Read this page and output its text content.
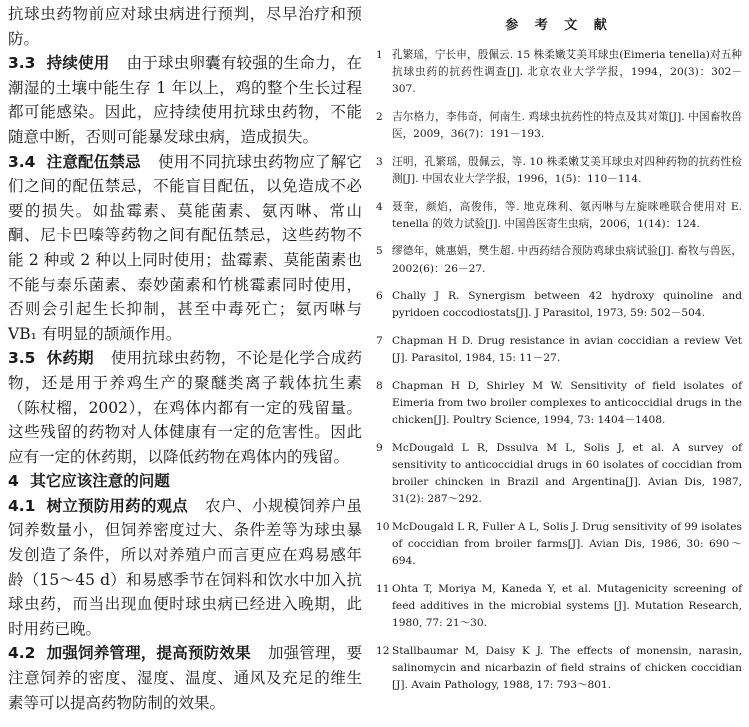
抗球虫药物前应对球虫病进行预判，尽早治疗和预防。

3.3 持续使用 由于球虫卵囊有较强的生命力，在潮湿的土壤中能生存 1 年以上，鸡的整个生长过程都可能感染。因此，应持续使用抗球虫药物，不能随意中断，否则可能暴发球虫病，造成损失。

3.4 注意配伍禁忌 使用不同抗球虫药物应了解它们之间的配伍禁忌，不能盲目配伍，以免造成不必要的损失。如盐霉素、莫能菌素、氨丙啉、常山酮、尼卡巴嗪等药物之间有配伍禁忌，这些药物不能 2 种或 2 种以上同时使用；盐霉素、莫能菌素也不能与泰乐菌素、泰妙菌素和竹桃霉素同时使用，否则会引起生长抑制，甚至中毒死亡；氨丙啉与 VB₁ 有明显的颉颃作用。

3.5 休药期 使用抗球虫药物，不论是化学合成药物，还是用于养鸡生产的聚醚类离子载体抗生素（陈杖榴，2002），在鸡体内都有一定的残留量。这些残留的药物对人体健康有一定的危害性。因此应有一定的休药期，以降低药物在鸡体内的残留。

4 其它应该注意的问题

4.1 树立预防用药的观点 农户、小规模饲养户虽饲养数量小，但饲养密度过大、条件差等为球虫暴发创造了条件，所以对养殖户而言更应在鸡易感年龄（15～45 d）和易感季节在饲料和饮水中加入抗球虫药，而当出现血便时球虫病已经进入晚期，此时用药已晚。

4.2 加强饲养管理，提高预防效果 加强管理，要注意饲养的密度、湿度、温度、通风及充足的维生素等可以提高药物防制的效果。

参 考 文 献
1 孔繁瑶，宁长申，殷佩云. 15 株柔嫩艾美耳球虫(Eimeria tenella)对五种抗球虫药的抗药性调查[J]. 北京农业大学学报，1994，20(3)：302－307.
2 吉尔格力，李伟奇，何南生. 鸡球虫抗药性的特点及其对策[J]. 中国畜牧兽医，2009，36(7)：191－193.
3 汪明，孔繁瑶，殷佩云，等. 10 株柔嫩艾美耳球虫对四种药物的抗药性检测[J]. 中国农业大学学报，1996，1(5)：110－114.
4 聂奎，颜焰，高俊伟，等. 地克珠利、氨丙啉与左旋咪唑联合使用对 E. tenella 的效力试验[J]. 中国兽医寄生虫病，2006，1(14)：124.
5 缪德年，姚惠娟，樊生超. 中西药结合预防鸡球虫病试验[J]. 畜牧与兽医，2002(6)：26－27.
6 Chally J R. Synergism between 42 hydroxy quinoline and pyridoen coccodiostats[J]. J Parasitol, 1973, 59: 502－504.
7 Chapman H D. Drug resistance in avian coccidian a review Vet [J]. Parasitol, 1984, 15: 11－27.
8 Chapman H D, Shirley M W. Sensitivity of field isolates of Eimeria from two broiler complexes to anticoccidial drugs in the chicken[J]. Poultry Science, 1994, 73: 1404－1408.
9 McDougald L R, Dssulva M L, Solis J, et al. A survey of sensitivity to anticoccidial drugs in 60 isolates of coccidian from broiler chincken in Brazil and Argentina[J]. Avian Dis, 1987, 31(2): 287～292.
10 McDougald L R, Fuller A L, Solis J. Drug sensitivity of 99 isolates of coccidian from broiler farms[J]. Avian Dis, 1986, 30: 690～694.
11 Ohta T, Moriya M, Kaneda Y, et al. Mutagenicity screening of feed additives in the microbial systems [J]. Mutation Research, 1980, 77: 21～30.
12 Stallbaumar M, Daisy K J. The effects of monensin, narasin, salinomycin and nicarbazin of field strains of chicken coccidian [J]. Avain Pathology, 1988, 17: 793～801.
